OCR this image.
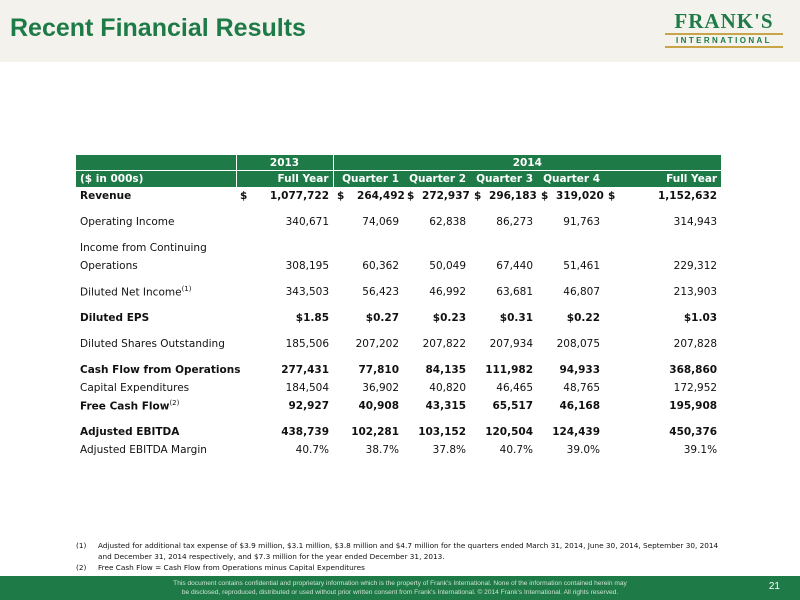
Recent Financial Results	FRANK'S
INTERNATIONAL
	2013		2014									
($ in 000s)	Full Year		Quarter 1		Quarter 2		Quarter 3		Quarter 4		Full Year	
Revenue	$	1,077,722	$	264,492	$	272,937	$	296,183	$	319,020	$	1,152,632

Operating Income	340,671		74,069		62,838		86,273		91,763		314,943	

Income from Continuing												
Operations	308,195		60,362		50,049		67,440		51,461		229,312	

Diluted Net Income$^{(1)}$	343,503		56,423		46,992		63,681		46,807		213,903	

Diluted EPS	$1.85		$0.27		$0.23		$0.31		$0.22		$1.03	

Diluted Shares Outstanding	185,506		207,202		207,822		207,934		208,075		207,828	

Cash Flow from Operations	277,431		77,810		84,135		111,982		94,933		368,860	
Capital Expenditures	184,504		36,902		40,820		46,465		48,765		172,952	
Free Cash Flow$^{(2)}$	92,927		40,908		43,315		65,517		46,168		195,908	

Adjusted EBITDA	438,739		102,281		103,152		120,504		124,439		450,376	
Adjusted EBITDA Margin	40.7%		38.7%		37.8%		40.7%		39.0%		39.1%	
(1) Adjusted for additional tax expense of $3.9 million, $3.1 million, $3.8 million and $4.7 million for the quarters ended March 31, 2014, June 30, 2014, September 30, 2014 and December 31, 2014 respectively, and $7.3 million for the year ended December 31, 2013.
(2) Free Cash Flow = Cash Flow from Operations minus Capital Expenditures
This document contains confidential and proprietary information which is the property of Frank’s International. None of the information contained herein may
be disclosed, reproduced, distributed or used without prior written consent from Frank’s International. © 2014 Frank’s International. All rights reserved.
21
